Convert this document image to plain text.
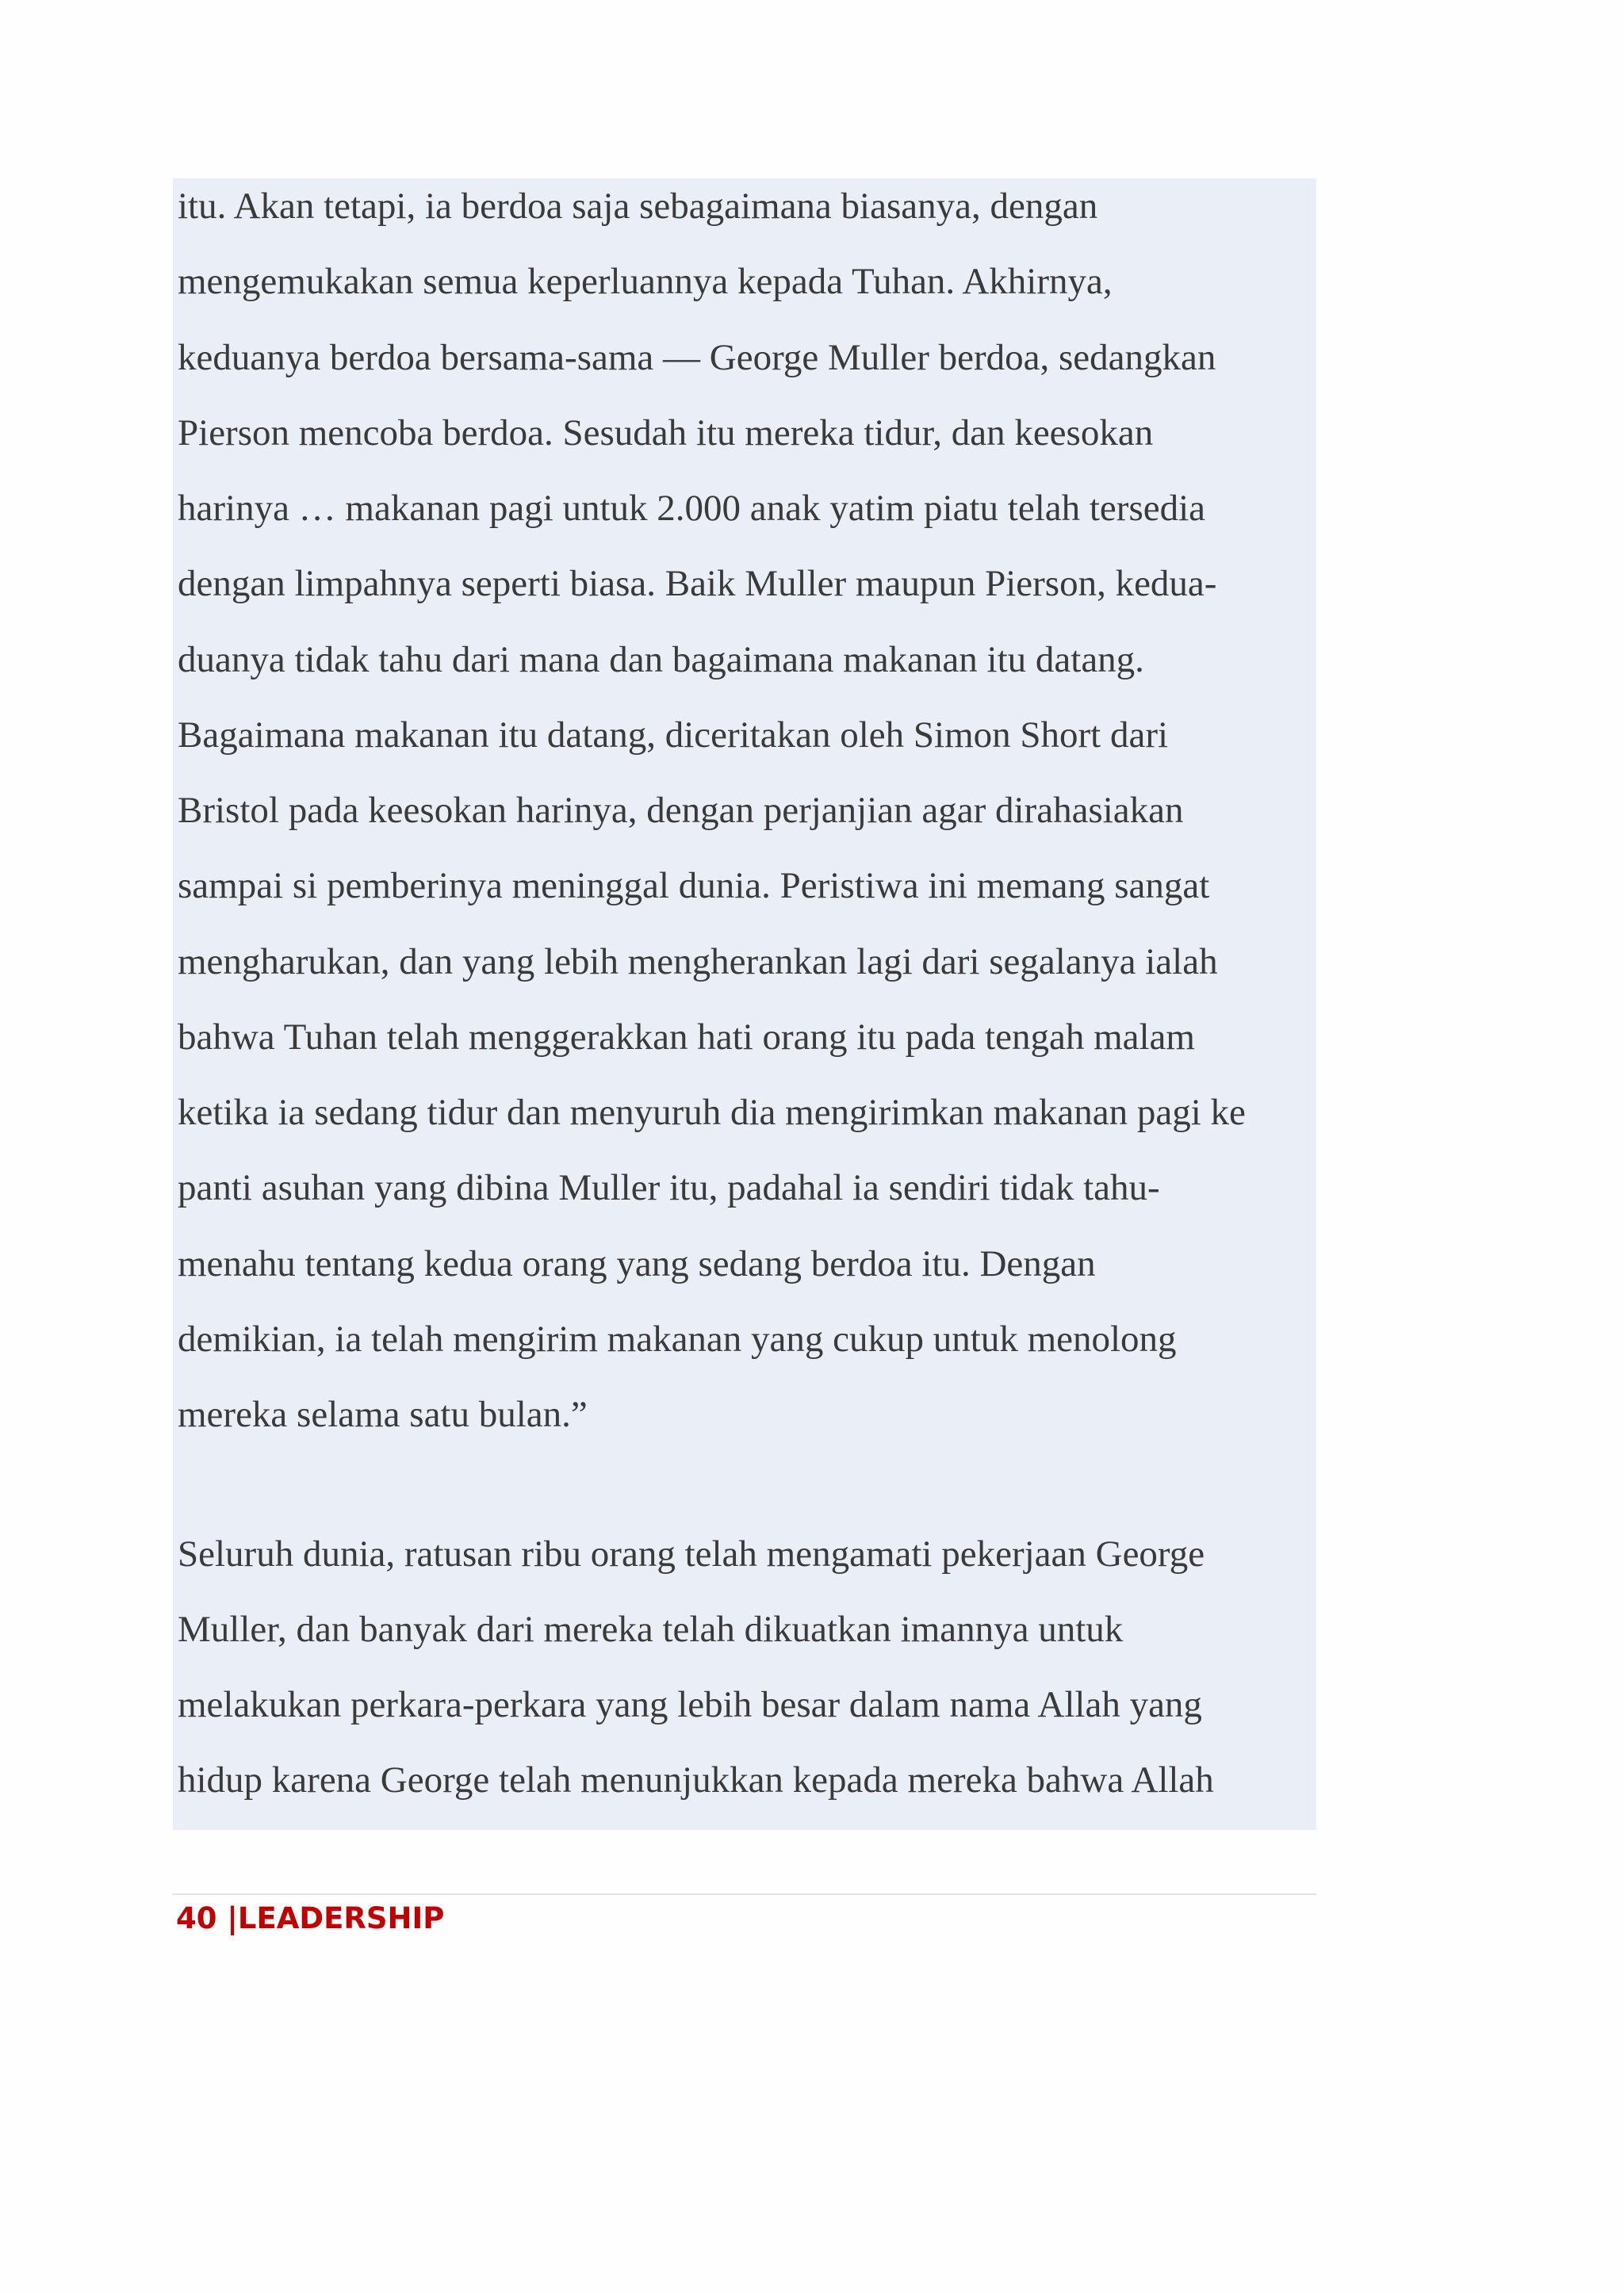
itu. Akan tetapi, ia berdoa saja sebagaimana biasanya, dengan

mengemukakan semua keperluannya kepada Tuhan. Akhirnya,

keduanya berdoa bersama-sama — George Muller berdoa, sedangkan

Pierson mencoba berdoa. Sesudah itu mereka tidur, dan keesokan

harinya … makanan pagi untuk 2.000 anak yatim piatu telah tersedia

dengan limpahnya seperti biasa. Baik Muller maupun Pierson, kedua-

duanya tidak tahu dari mana dan bagaimana makanan itu datang.

Bagaimana makanan itu datang, diceritakan oleh Simon Short dari

Bristol pada keesokan harinya, dengan perjanjian agar dirahasiakan

sampai si pemberinya meninggal dunia. Peristiwa ini memang sangat

mengharukan, dan yang lebih mengherankan lagi dari segalanya ialah

bahwa Tuhan telah menggerakkan hati orang itu pada tengah malam

ketika ia sedang tidur dan menyuruh dia mengirimkan makanan pagi ke

panti asuhan yang dibina Muller itu, padahal ia sendiri tidak tahu-

menahu tentang kedua orang yang sedang berdoa itu. Dengan

demikian, ia telah mengirim makanan yang cukup untuk menolong

mereka selama satu bulan.”

Seluruh dunia, ratusan ribu orang telah mengamati pekerjaan George

Muller, dan banyak dari mereka telah dikuatkan imannya untuk

melakukan perkara-perkara yang lebih besar dalam nama Allah yang

hidup karena George telah menunjukkan kepada mereka bahwa Allah

40 |LEADERSHIP
